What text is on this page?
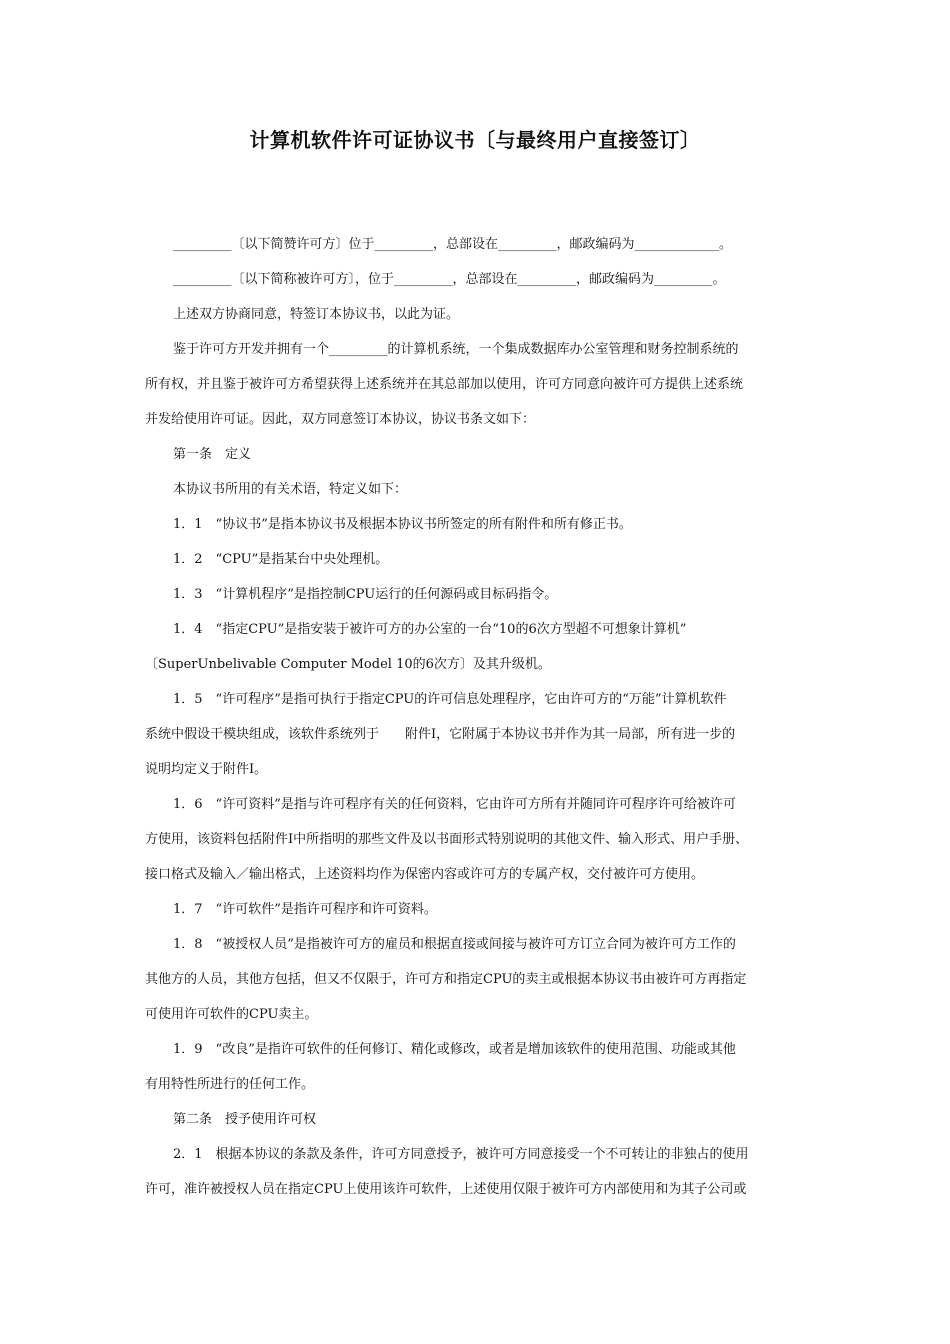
计算机软件许可证协议书〔与最终用户直接签订〕
_________〔以下简赞许可方〕位于_________，总部设在_________，邮政编码为_____________。
_________〔以下简称被许可方〕，位于_________，总部设在_________，邮政编码为_________。
上述双方协商同意，特签订本协议书，以此为证。
鉴于许可方开发并拥有一个_________的计算机系统，一个集成数据库办公室管理和财务控制系统的
所有权，并且鉴于被许可方希望获得上述系统并在其总部加以使用，许可方同意向被许可方提供上述系统
并发给使用许可证。因此，双方同意签订本协议，协议书条文如下：
第一条　定义
本协议书所用的有关术语，特定义如下：
1．1　“协议书”是指本协议书及根据本协议书所签定的所有附件和所有修正书。
1．2　“CPU”是指某台中央处理机。
1．3　“计算机程序”是指控制CPU运行的任何源码或目标码指令。
1．4　“指定CPU”是指安装于被许可方的办公室的一台“10的6次方型超不可想象计算机”
〔SuperUnbelivable Computer Model 10的6次方〕及其升级机。
1．5　“许可程序”是指可执行于指定CPU的许可信息处理程序，它由许可方的“万能”计算机软件
系统中假设干模块组成，该软件系统列于　　附件I，它附属于本协议书并作为其一局部，所有进一步的
说明均定义于附件I。
1．6　“许可资料”是指与许可程序有关的任何资料，它由许可方所有并随同许可程序许可给被许可
方使用，该资料包括附件I中所指明的那些文件及以书面形式特别说明的其他文件、输入形式、用户手册、
接口格式及输入／输出格式，上述资料均作为保密内容或许可方的专属产权，交付被许可方使用。
1．7　“许可软件”是指许可程序和许可资料。
1．8　“被授权人员”是指被许可方的雇员和根据直接或间接与被许可方订立合同为被许可方工作的
其他方的人员，其他方包括，但又不仅限于，许可方和指定CPU的卖主或根据本协议书由被许可方再指定
可使用许可软件的CPU卖主。
1．9　“改良”是指许可软件的任何修订、精化或修改，或者是增加该软件的使用范围、功能或其他
有用特性所进行的任何工作。
第二条　授予使用许可权
2．1　根据本协议的条款及条件，许可方同意授予，被许可方同意接受一个不可转让的非独占的使用
许可，准许被授权人员在指定CPU上使用该许可软件，上述使用仅限于被许可方内部使用和为其子公司或
